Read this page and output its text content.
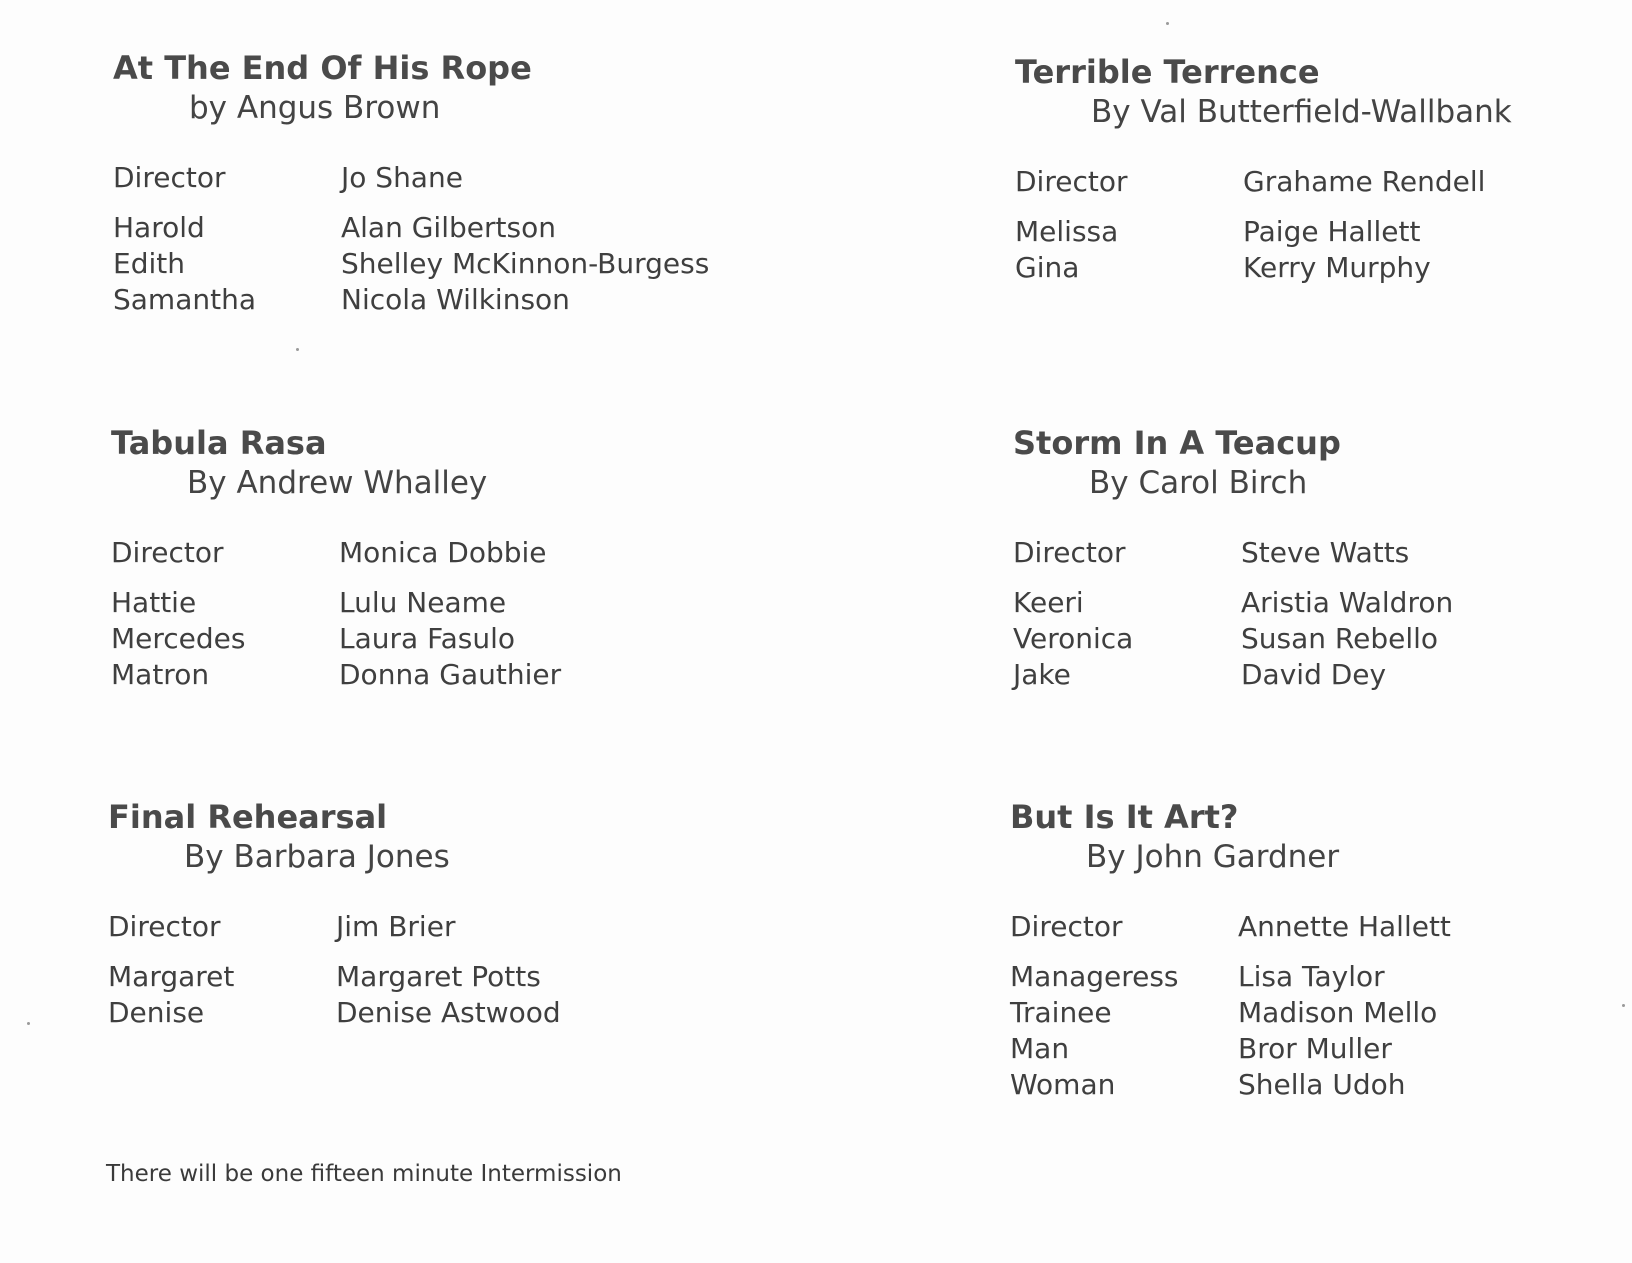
At The End Of His Rope

by Angus Brown

Director	Jo Shane
Harold	Alan Gilbertson
Edith	Shelley McKinnon-Burgess
Samantha	Nicola Wilkinson
Terrible Terrence

By Val Butterfield-Wallbank

Director	Grahame Rendell
Melissa	Paige Hallett
Gina	Kerry Murphy
Tabula Rasa

By Andrew Whalley

Director	Monica Dobbie
Hattie	Lulu Neame
Mercedes	Laura Fasulo
Matron	Donna Gauthier
Storm In A Teacup

By Carol Birch

Director	Steve Watts
Keeri	Aristia Waldron
Veronica	Susan Rebello
Jake	David Dey
Final Rehearsal

By Barbara Jones

Director	Jim Brier
Margaret	Margaret Potts
Denise	Denise Astwood
But Is It Art?

By John Gardner

Director	Annette Hallett
Manageress	Lisa Taylor
Trainee	Madison Mello
Man	Bror Muller
Woman	Shella Udoh

There will be one fifteen minute Intermission
